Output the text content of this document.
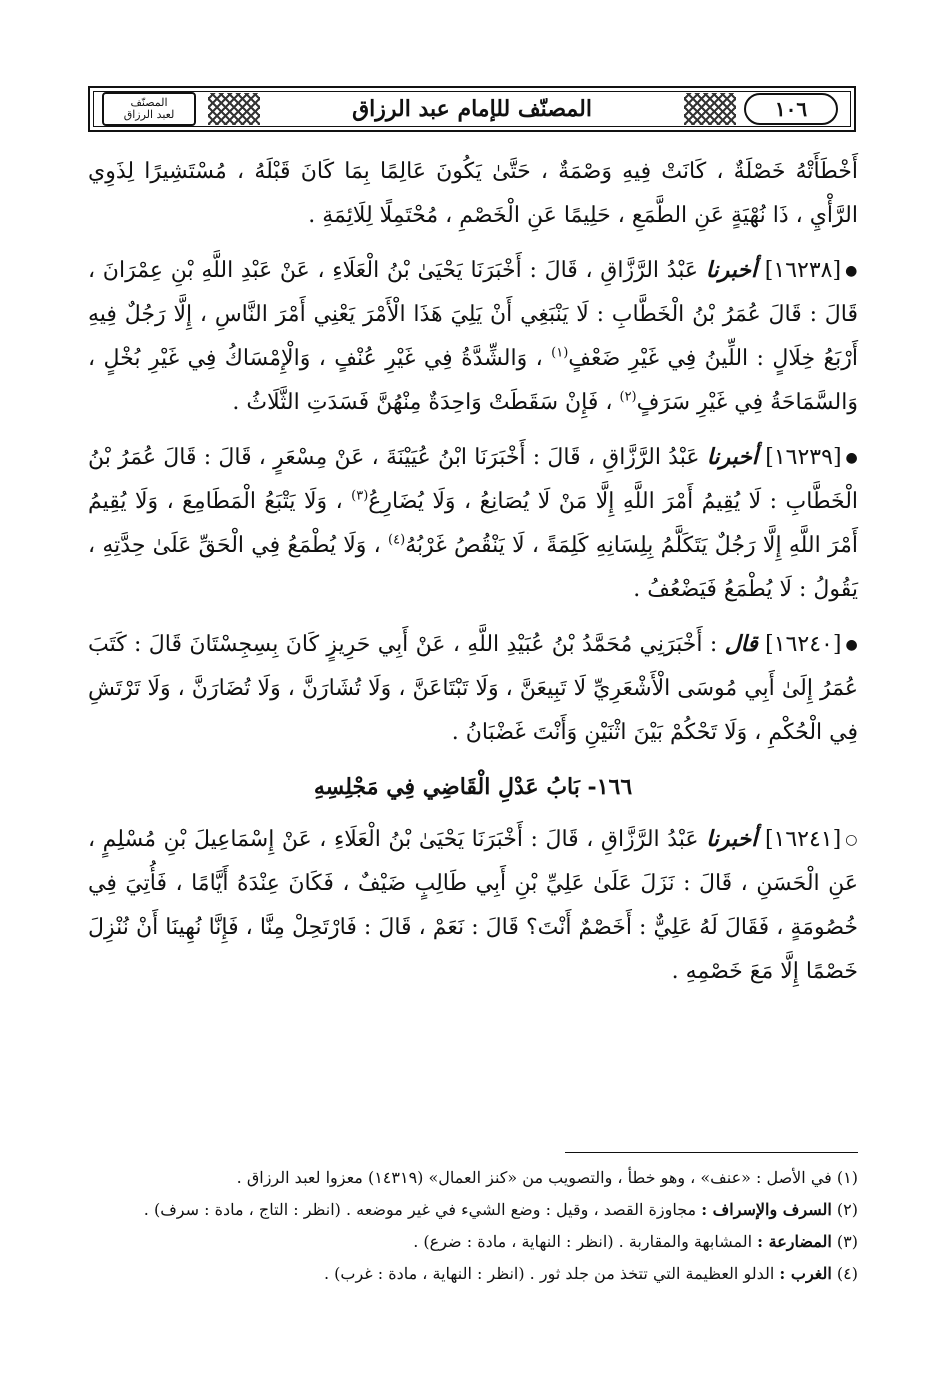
١٠٦
المصنّف للإمام عبد الرزاق
المصنّف
لعبد الرزاق

أَخْطَأَتْهُ خَصْلَةٌ ، كَانَتْ فِيهِ وَصْمَةٌ ، حَتَّىٰ يَكُونَ عَالِمًا بِمَا كَانَ قَبْلَهُ ، مُسْتَشِيرًا لِذَوِي الرَّأْيِ ، ذَا نُهْيَةٍ عَنِ الطَّمَعِ ، حَلِيمًا عَنِ الْخَصْمِ ، مُحْتَمِلًا لِلَائِمَةِ .

●[١٦٢٣٨] أخبرنا عَبْدُ الرَّزَّاقِ ، قَالَ : أَخْبَرَنَا يَحْيَىٰ بْنُ الْعَلَاءِ ، عَنْ عَبْدِ اللَّهِ بْنِ عِمْرَانَ ، قَالَ : قَالَ عُمَرُ بْنُ الْخَطَّابِ : لَا يَنْبَغِي أَنْ يَلِيَ هَذَا الْأَمْرَ يَعْنِي أَمْرَ النَّاسِ ، إِلَّا رَجُلٌ فِيهِ أَرْبَعُ خِلَالٍ : اللِّينُ فِي غَيْرِ ضَعْفٍ$^{(١)}$ ، وَالشِّدَّةُ فِي غَيْرِ عُنْفٍ ، وَالْإِمْسَاكُ فِي غَيْرِ بُخْلٍ ، وَالسَّمَاحَةُ فِي غَيْرِ سَرَفٍ$^{(٢)}$ ، فَإِنْ سَقَطَتْ وَاحِدَةٌ مِنْهُنَّ فَسَدَتِ الثَّلَاثُ .

●[١٦٢٣٩] أخبرنا عَبْدُ الرَّزَّاقِ ، قَالَ : أَخْبَرَنَا ابْنُ عُيَيْنَةَ ، عَنْ مِسْعَرٍ ، قَالَ : قَالَ عُمَرُ بْنُ الْخَطَّابِ : لَا يُقِيمُ أَمْرَ اللَّهِ إِلَّا مَنْ لَا يُصَانِعُ ، وَلَا يُضَارِعُ$^{(٣)}$ ، وَلَا يَتْبَعُ الْمَطَامِعَ ، وَلَا يُقِيمُ أَمْرَ اللَّهِ إِلَّا رَجُلٌ يَتَكَلَّمُ بِلِسَانِهِ كَلِمَةً ، لَا يَنْقُصُ غَرْبُهُ$^{(٤)}$ ، وَلَا يُطْمَعُ فِي الْحَقِّ عَلَىٰ حِدَّتِهِ ، يَقُولُ : لَا يُطْمَعُ فَيَضْعُفُ .

●[١٦٢٤٠] قال : أَخْبَرَنِي مُحَمَّدُ بْنُ عُبَيْدِ اللَّهِ ، عَنْ أَبِي حَرِيزٍ كَانَ بِسِجِسْتَانَ قَالَ : كَتَبَ عُمَرُ إِلَىٰ أَبِي مُوسَى الْأَشْعَرِيِّ لَا تَبِيعَنَّ ، وَلَا تَبْتَاعَنَّ ، وَلَا تُشَارَنَّ ، وَلَا تُضَارَنَّ ، وَلَا تَرْتَشِ فِي الْحُكْمِ ، وَلَا تَحْكُمْ بَيْنَ اثْنَيْنِ وَأَنْتَ غَضْبَانُ .

١٦٦- بَابُ عَدْلِ الْقَاضِي فِي مَجْلِسِهِ

○[١٦٢٤١] أخبرنا عَبْدُ الرَّزَّاقِ ، قَالَ : أَخْبَرَنَا يَحْيَىٰ بْنُ الْعَلَاءِ ، عَنْ إِسْمَاعِيلَ بْنِ مُسْلِمٍ ، عَنِ الْحَسَنِ ، قَالَ : نَزَلَ عَلَىٰ عَلِيِّ بْنِ أَبِي طَالِبٍ ضَيْفٌ ، فَكَانَ عِنْدَهُ أَيَّامًا ، فَأُتِيَ فِي خُصُومَةٍ ، فَقَالَ لَهُ عَلِيٌّ : أَخَصْمٌ أَنْتَ؟ قَالَ : نَعَمْ ، قَالَ : فَارْتَحِلْ مِنَّا ، فَإِنَّا نُهِينَا أَنْ نُنْزِلَ خَصْمًا إِلَّا مَعَ خَصْمِهِ .

(١) في الأصل : «عنف» ، وهو خطأ ، والتصويب من «كنز العمال» (١٤٣١٩) معزوا لعبد الرزاق .

(٢) السرف والإسراف : مجاوزة القصد ، وقيل : وضع الشيء في غير موضعه . (انظر : التاج ، مادة : سرف) .

(٣) المضارعة : المشابهة والمقاربة . (انظر : النهاية ، مادة : ضرع) .

(٤) الغرب : الدلو العظيمة التي تتخذ من جلد ثور . (انظر : النهاية ، مادة : غرب) .
